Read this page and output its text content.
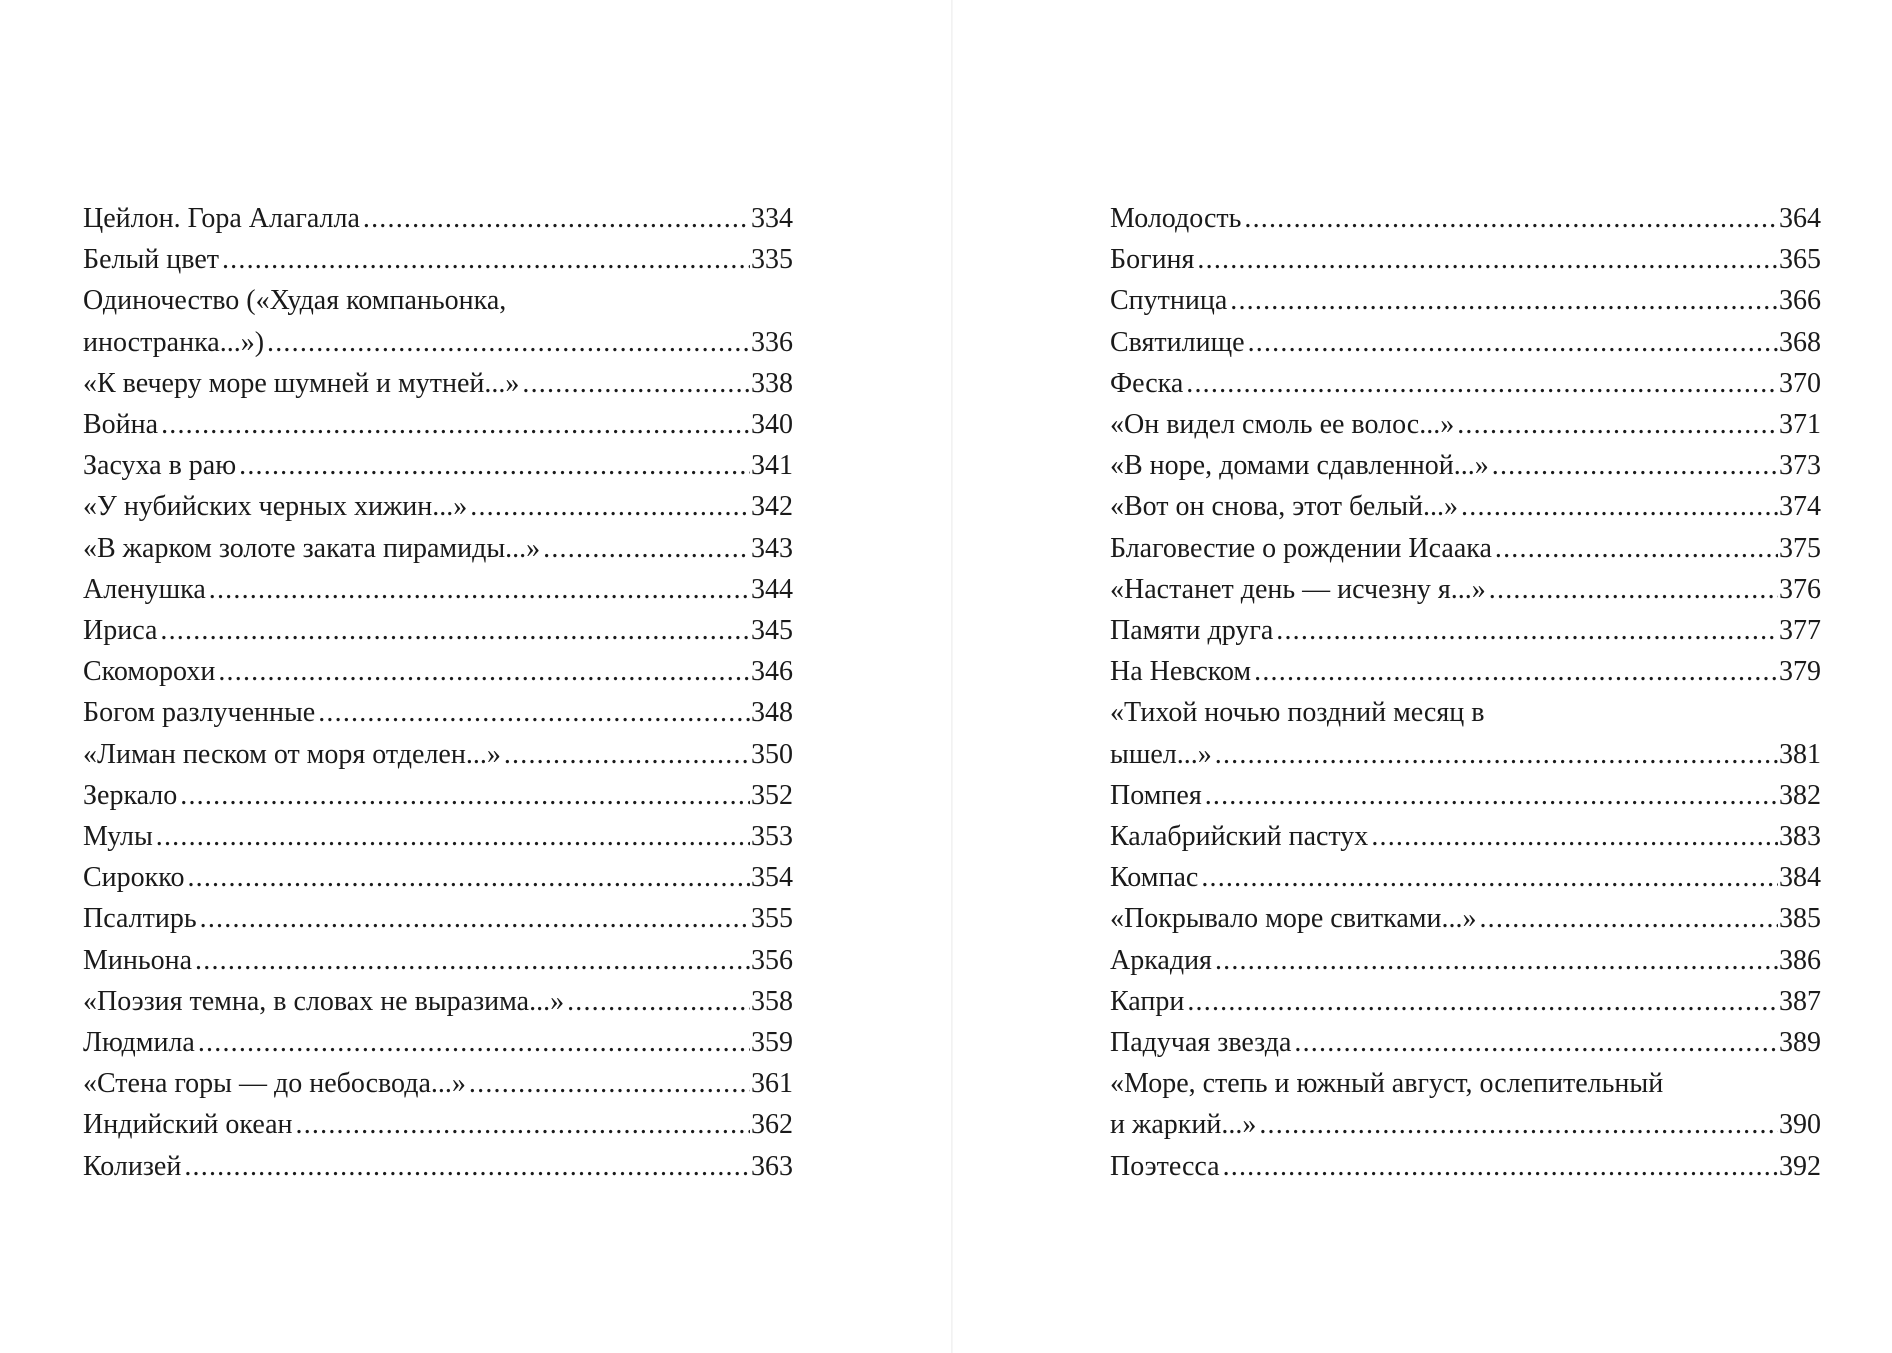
Цейлон. Гора Алагалла .....	334
Белый цвет .....	335
Одиночество («Худая компаньонка,
иностранка...») .....	336
«К вечеру море шумней и мутней...» .....	338
Война .....	340
Засуха в раю .....	341
«У нубийских черных хижин...» .....	342
«В жарком золоте заката пирамиды...» .....	343
Аленушка .....	344
Ириса .....	345
Скоморохи .....	346
Богом разлученные .....	348
«Лиман песком от моря отделен...» .....	350
Зеркало .....	352
Мулы .....	353
Сирокко .....	354
Псалтирь .....	355
Миньона .....	356
«Поэзия темна, в словах не выразима...» .....	358
Людмила .....	359
«Стена горы — до небосвода...» .....	361
Индийский океан .....	362
Колизей .....	363
Молодость .....	364
Богиня .....	365
Спутница .....	366
Святилище .....	368
Феска .....	370
«Он видел смоль ее волос...» .....	371
«В норе, домами сдавленной...» .....	373
«Вот он снова, этот белый...» .....	374
Благовестие о рождении Исаака .....	375
«Настанет день — исчезну я...» .....	376
Памяти друга .....	377
На Невском .....	379
«Тихой ночью поздний месяц в
ышел...» .....	381
Помпея .....	382
Калабрийский пастух .....	383
Компас .....	384
«Покрывало море свитками...» .....	385
Аркадия .....	386
Капри .....	387
Падучая звезда .....	389
«Море, степь и южный август, ослепительный
и жаркий...» .....	390
Поэтесса .....	392
